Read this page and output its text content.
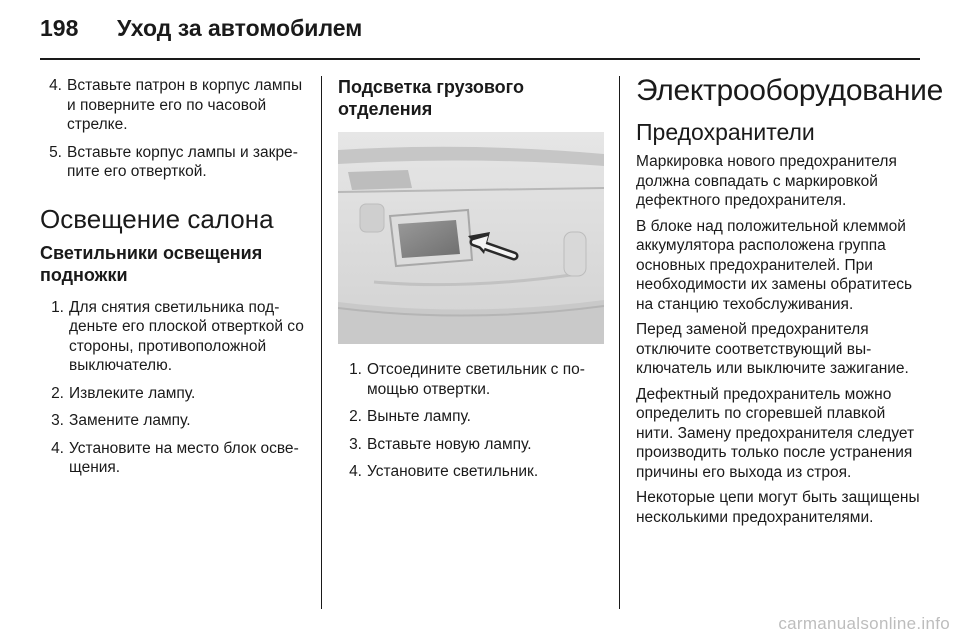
198 Уход за автомобилем
4. Вставьте патрон в корпус лампы и поверните его по часовой стрелке.
5. Вставьте корпус лампы и закрепите его отверткой.
Освещение салона
Светильники освещения подножки
1. Для снятия светильника подденьте его плоской отверткой со стороны, противоположной выключателю.
2. Извлеките лампу.
3. Замените лампу.
4. Установите на место блок освещения.
Подсветка грузового отделения
1. Отсоедините светильник с помощью отвертки.
2. Выньте лампу.
3. Вставьте новую лампу.
4. Установите светильник.
Электрооборудование
Предохранители

Маркировка нового предохранителя должна совпадать с маркировкой дефектного предохранителя.

В блоке над положительной клеммой аккумулятора расположена группа основных предохранителей. При необходимости их замены обратитесь на станцию техобслуживания.

Перед заменой предохранителя отключите соответствующий выключатель или выключите зажигание.

Дефектный предохранитель можно определить по сгоревшей плавкой нити. Замену предохранителя следует производить только после устранения причины его выхода из строя.

Некоторые цепи могут быть защищены несколькими предохранителями.

carmanualsonline.info
